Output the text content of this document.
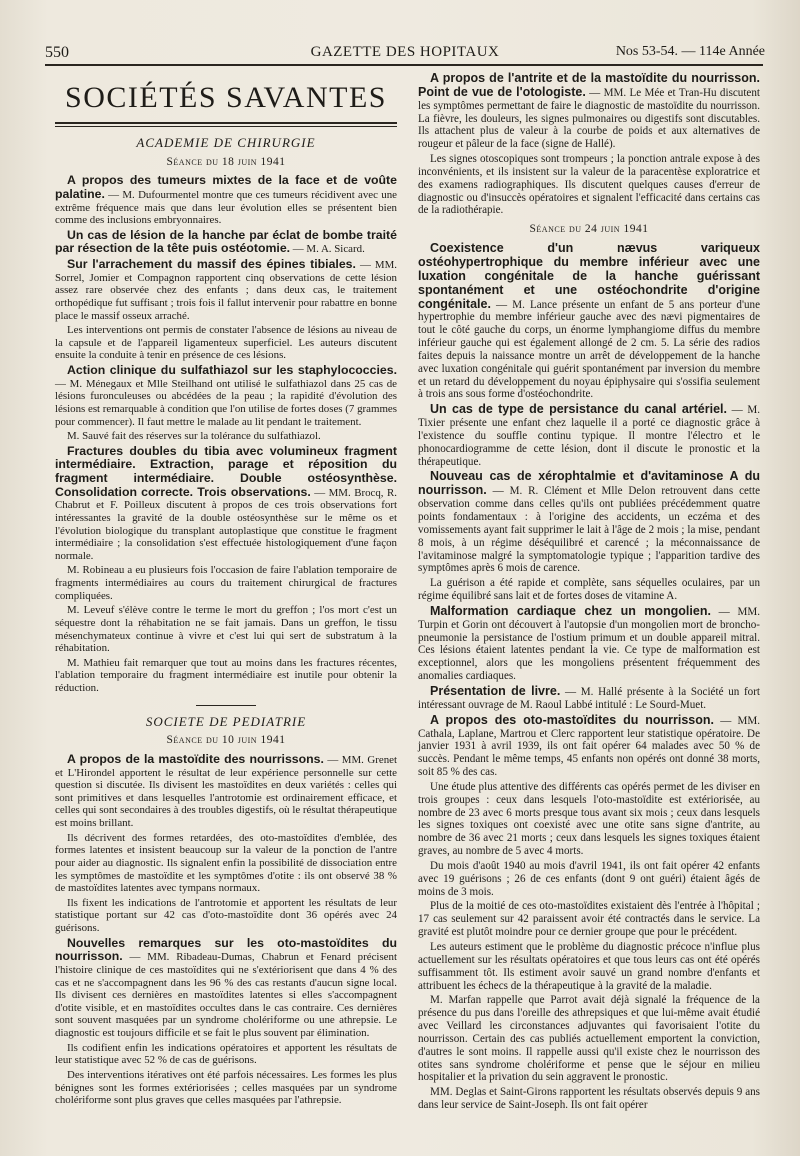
550	GAZETTE DES HOPITAUX	Nos 53-54. — 114e Année
SOCIÉTÉS SAVANTES
ACADEMIE DE CHIRURGIE
Séance du 18 juin 1941

A propos des tumeurs mixtes de la face et de voûte palatine. — M. Dufourmentel montre que ces tumeurs récidivent avec une extrême fréquence mais que dans leur évolution elles se présentent bien comme des inclusions embryonnaires.

Un cas de lésion de la hanche par éclat de bombe traité par résection de la tête puis ostéotomie. — M. A. Sicard.

Sur l'arrachement du massif des épines tibiales. — MM. Sorrel, Jomier et Compagnon rapportent cinq observations de cette lésion assez rare observée chez des enfants ; dans deux cas, le traitement orthopédique fut suffisant ; trois fois il fallut intervenir pour rabattre en bonne place le massif osseux arraché.

Les interventions ont permis de constater l'absence de lésions au niveau de la capsule et de l'appareil ligamenteux superficiel. Les auteurs discutent ensuite la conduite à tenir en présence de ces lésions.

Action clinique du sulfathiazol sur les staphylococcies. — M. Ménegaux et Mlle Steilhand ont utilisé le sulfathiazol dans 25 cas de lésions furonculeuses ou abcédées de la peau ; la rapidité d'évolution des lésions est remarquable à condition que l'on utilise de fortes doses (7 grammes pour commencer). Il faut mettre le malade au lit pendant le traitement.

M. Sauvé fait des réserves sur la tolérance du sulfathiazol.

Fractures doubles du tibia avec volumineux fragment intermédiaire. Extraction, parage et réposition du fragment intermédiaire. Double ostéosynthèse. Consolidation correcte. Trois observations. — MM. Brocq, R. Chabrut et F. Poilleux discutent à propos de ces trois observations fort intéressantes la gravité de la double ostéosynthèse sur le même os et l'évolution biologique du transplant autoplastique que constitue le fragment intermédiaire ; la consolidation s'est effectuée histologiquement d'une façon normale.

M. Robineau a eu plusieurs fois l'occasion de faire l'ablation temporaire de fragments intermédiaires au cours du traitement chirurgical de fractures compliquées.

M. Leveuf s'élève contre le terme le mort du greffon ; l'os mort c'est un séquestre dont la réhabitation ne se fait jamais. Dans un greffon, le tissu mésenchymateux continue à vivre et c'est lui qui sert de substratum à la réhabitation.

M. Mathieu fait remarquer que tout au moins dans les fractures récentes, l'ablation temporaire du fragment intermédiaire est inutile pour obtenir la réduction.

SOCIETE DE PEDIATRIE
Séance du 10 juin 1941

A propos de la mastoïdite des nourrissons. — MM. Grenet et L'Hirondel apportent le résultat de leur expérience personnelle sur cette question si discutée. Ils divisent les mastoïdites en deux variétés : celles qui sont primitives et dans lesquelles l'antrotomie est ordinairement efficace, et celles qui sont secondaires à des troubles digestifs, où le résultat thérapeutique est moins brillant.

Ils décrivent des formes retardées, des oto-mastoïdites d'emblée, des formes latentes et insistent beaucoup sur la valeur de la ponction de l'antre pour aider au diagnostic. Ils signalent enfin la possibilité de dissociation entre les symptômes de mastoïdite et les symptômes d'otite : ils ont observé 38 % de mastoïdites latentes avec tympans normaux.

Ils fixent les indications de l'antrotomie et apportent les résultats de leur statistique portant sur 42 cas d'oto-mastoïdite dont 36 opérés avec 24 guérisons.

Nouvelles remarques sur les oto-mastoïdites du nourrisson. — MM. Ribadeau-Dumas, Chabrun et Fenard précisent l'histoire clinique de ces mastoïdites qui ne s'extériorisent que dans 4 % des cas et ne s'accompagnent dans les 96 % des cas restants d'aucun signe local. Ils divisent ces dernières en mastoïdites latentes si elles s'accompagnent d'otite visible, et en mastoïdites occultes dans le cas contraire. Ces dernières sont souvent masquées par un syndrome cholériforme ou une athrepsie. Le diagnostic est toujours difficile et se fait le plus souvent par élimination.

Ils codifient enfin les indications opératoires et apportent les résultats de leur statistique avec 52 % de cas de guérisons.

Des interventions itératives ont été parfois nécessaires. Les formes les plus bénignes sont les formes extériorisées ; celles masquées par un syndrome cholériforme sont plus graves que celles masquées par l'athrepsie.

A propos de l'antrite et de la mastoïdite du nourrisson. Point de vue de l'otologiste. — MM. Le Mée et Tran-Hu discutent les symptômes permettant de faire le diagnostic de mastoïdite du nourrisson. La fièvre, les douleurs, les signes pulmonaires ou digestifs sont discutables. Ils attachent plus de valeur à la courbe de poids et aux alternatives de rougeur et pâleur de la face (signe de Hallé).

Les signes otoscopiques sont trompeurs ; la ponction antrale expose à des inconvénients, et ils insistent sur la valeur de la paracentèse exploratrice et des examens radiographiques. Ils discutent quelques causes d'erreur de diagnostic ou d'insuccès opératoires et signalent l'efficacité dans certains cas de la radiothérapie.

Séance du 24 juin 1941

Coexistence d'un nævus variqueux ostéohypertrophique du membre inférieur avec une luxation congénitale de la hanche guérissant spontanément et une ostéochondrite d'origine congénitale. — M. Lance présente un enfant de 5 ans porteur d'une hypertrophie du membre inférieur gauche avec des nævi pigmentaires de tout le côté gauche du corps, un énorme lymphangiome diffus du membre inférieur gauche qui est également allongé de 2 cm. 5. La série des radios faites depuis la naissance montre un arrêt de développement de la hanche avec luxation congénitale qui guérit spontanément par inversion du membre et un retard du développement du noyau épiphysaire qui s'ossifia seulement à trois ans sous forme d'ostéochondrite.

Un cas de type de persistance du canal artériel. — M. Tixier présente une enfant chez laquelle il a porté ce diagnostic grâce à l'existence du souffle continu typique. Il montre l'électro et le phonocardiogramme de cette lésion, dont il discute le pronostic et la thérapeutique.

Nouveau cas de xérophtalmie et d'avitaminose A du nourrisson. — M. R. Clément et Mlle Delon retrouvent dans cette observation comme dans celles qu'ils ont publiées précédemment quatre points fondamentaux : à l'origine des accidents, un eczéma et des vomissements ayant fait supprimer le lait à l'âge de 2 mois ; la mise, pendant 8 mois, à un régime déséquilibré et carencé ; la méconnaissance de l'avitaminose malgré la symptomatologie typique ; l'apparition tardive des symptômes après 6 mois de carence.

La guérison a été rapide et complète, sans séquelles oculaires, par un régime équilibré sans lait et de fortes doses de vitamine A.

Malformation cardiaque chez un mongolien. — MM. Turpin et Gorin ont découvert à l'autopsie d'un mongolien mort de broncho-pneumonie la persistance de l'ostium primum et un double appareil mitral. Ces lésions étaient latentes pendant la vie. Ce type de malformation est exceptionnel, alors que les mongoliens présentent fréquemment des anomalies cardiaques.

Présentation de livre. — M. Hallé présente à la Société un fort intéressant ouvrage de M. Raoul Labbé intitulé : Le Sourd-Muet.

A propos des oto-mastoïdites du nourrisson. — MM. Cathala, Laplane, Martrou et Clerc rapportent leur statistique opératoire. De janvier 1931 à avril 1939, ils ont fait opérer 64 malades avec 50 % de succès. Pendant le même temps, 45 enfants non opérés ont donné 38 morts, soit 85 % des cas.

Une étude plus attentive des différents cas opérés permet de les diviser en trois groupes : ceux dans lesquels l'oto-mastoïdite est extériorisée, au nombre de 23 avec 6 morts presque tous avant six mois ; ceux dans lesquels les signes toxiques ont coexisté avec une otite sans signe d'antrite, au nombre de 36 avec 21 morts ; ceux dans lesquels les signes toxiques étaient graves, au nombre de 5 avec 4 morts.

Du mois d'août 1940 au mois d'avril 1941, ils ont fait opérer 42 enfants avec 19 guérisons ; 26 de ces enfants (dont 9 ont guéri) étaient âgés de moins de 3 mois.

Plus de la moitié de ces oto-mastoïdites existaient dès l'entrée à l'hôpital ; 17 cas seulement sur 42 paraissent avoir été contractés dans le service. La gravité est plutôt moindre pour ce dernier groupe que pour le précédent.

Les auteurs estiment que le problème du diagnostic précoce n'influe plus actuellement sur les résultats opératoires et que tous leurs cas ont été opérés suffisamment tôt. Ils estiment avoir sauvé un grand nombre d'enfants et attribuent les échecs de la thérapeutique à la gravité de la maladie.

M. Marfan rappelle que Parrot avait déjà signalé la fréquence de la présence du pus dans l'oreille des athrepsiques et que lui-même avait étudié avec Veillard les circonstances adjuvantes qui favorisaient l'otite du nourrisson. Certain des cas publiés actuellement emportent la conviction, d'autres le sont moins. Il rappelle aussi qu'il existe chez le nourrisson des otites sans syndrome cholériforme et pense que le séjour en milieu hospitalier et la privation du sein aggravent le pronostic.

MM. Deglas et Saint-Girons rapportent les résultats observés depuis 9 ans dans leur service de Saint-Joseph. Ils ont fait opérer
